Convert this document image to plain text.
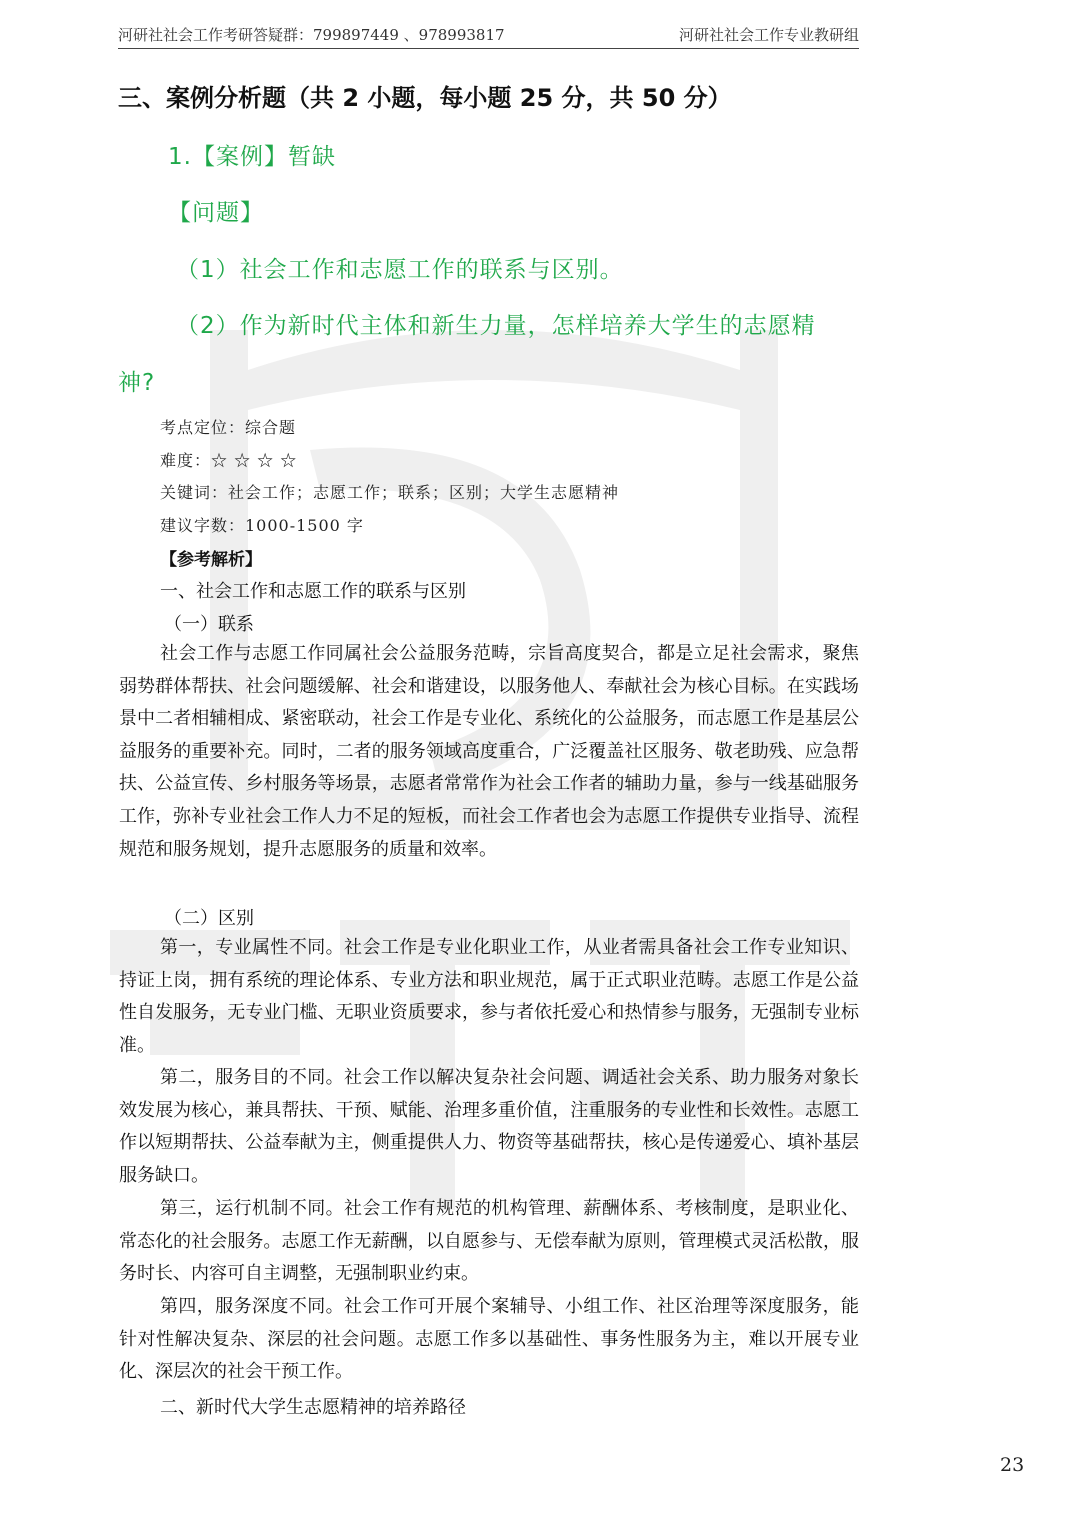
河研社社会工作考研答疑群：799897449 、978993817	河研社社会工作专业教研组
三、案例分析题（共 2 小题，每小题 25 分，共 50 分）
1.【案例】暂缺
【问题】
（1）社会工作和志愿工作的联系与区别。
（2）作为新时代主体和新生力量，怎样培养大学生的志愿精
神?
考点定位：综合题
难度：☆ ☆ ☆ ☆
关键词：社会工作；志愿工作；联系；区别；大学生志愿精神
建议字数：1000-1500 字
【参考解析】
一、社会工作和志愿工作的联系与区别
（一）联系
社会工作与志愿工作同属社会公益服务范畴，宗旨高度契合，都是立足社会需求，聚焦弱势群体帮扶、社会问题缓解、社会和谐建设，以服务他人、奉献社会为核心目标。在实践场景中二者相辅相成、紧密联动，社会工作是专业化、系统化的公益服务，而志愿工作是基层公益服务的重要补充。同时，二者的服务领域高度重合，广泛覆盖社区服务、敬老助残、应急帮扶、公益宣传、乡村服务等场景，志愿者常常作为社会工作者的辅助力量，参与一线基础服务工作，弥补专业社会工作人力不足的短板，而社会工作者也会为志愿工作提供专业指导、流程规范和服务规划，提升志愿服务的质量和效率。
（二）区别
第一，专业属性不同。社会工作是专业化职业工作，从业者需具备社会工作专业知识、持证上岗，拥有系统的理论体系、专业方法和职业规范，属于正式职业范畴。志愿工作是公益性自发服务，无专业门槛、无职业资质要求，参与者依托爱心和热情参与服务，无强制专业标准。
第二，服务目的不同。社会工作以解决复杂社会问题、调适社会关系、助力服务对象长效发展为核心，兼具帮扶、干预、赋能、治理多重价值，注重服务的专业性和长效性。志愿工作以短期帮扶、公益奉献为主，侧重提供人力、物资等基础帮扶，核心是传递爱心、填补基层服务缺口。
第三，运行机制不同。社会工作有规范的机构管理、薪酬体系、考核制度，是职业化、常态化的社会服务。志愿工作无薪酬，以自愿参与、无偿奉献为原则，管理模式灵活松散，服务时长、内容可自主调整，无强制职业约束。
第四，服务深度不同。社会工作可开展个案辅导、小组工作、社区治理等深度服务，能针对性解决复杂、深层的社会问题。志愿工作多以基础性、事务性服务为主，难以开展专业化、深层次的社会干预工作。
二、新时代大学生志愿精神的培养路径
23
